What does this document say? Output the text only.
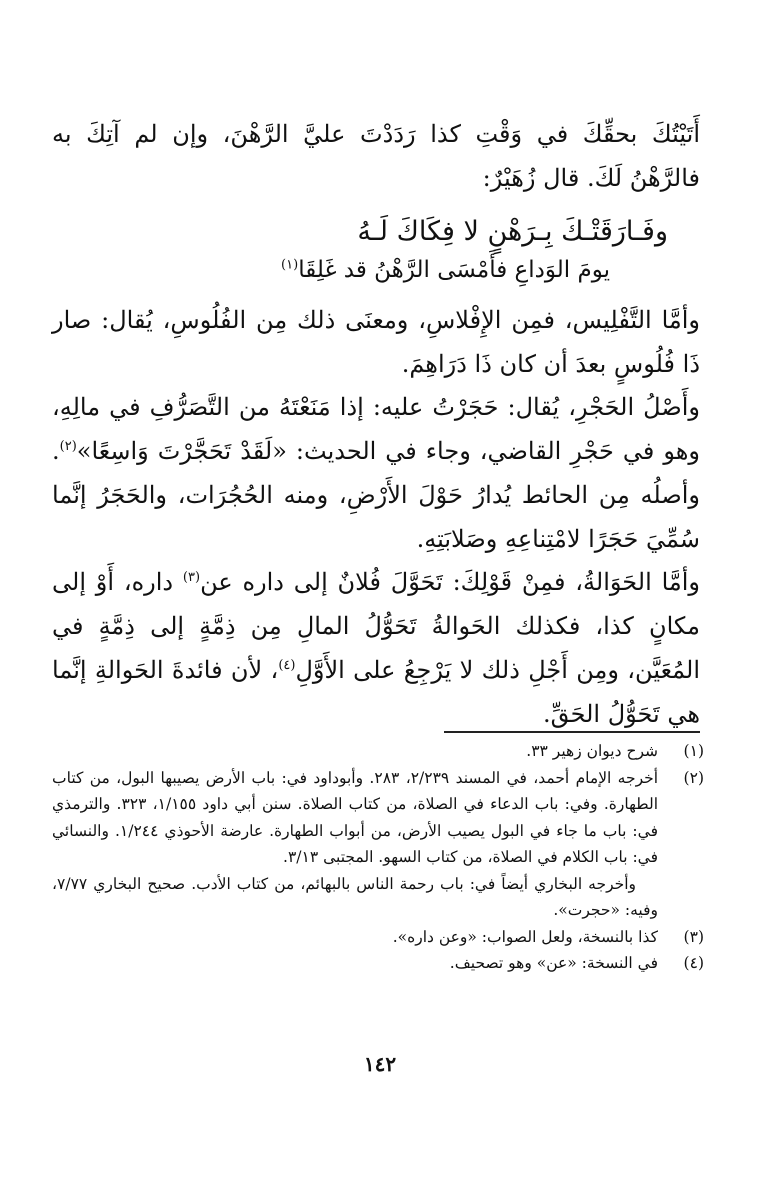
أَتَيْتُكَ بحقِّكَ في وَقْتِ كذا رَدَدْتَ عليَّ الرَّهْنَ، وإن لم آتِكَ به فالرَّهْنُ لَكَ. قال زُهَيْرٌ:
وفَـارَقَتْـكَ بِـرَهْنٍ لا فِكَاكَ لَـهُ
يومَ الوَداعِ فأَمْسَى الرَّهْنُ قد غَلِقَا$^{(١)}$
وأمَّا التَّفْلِيس، فمِن الإِفْلاسِ، ومعنَى ذلك مِن الفُلُوسِ، يُقال: صار ذَا فُلُوسٍ بعدَ أن كان ذَا دَرَاهِمَ.
وأَصْلُ الحَجْرِ، يُقال: حَجَرْتُ عليه: إذا مَنَعْتَهُ من التَّصَرُّفِ في مالِهِ، وهو في حَجْرِ القاضي، وجاء في الحديث: «لَقَدْ تَحَجَّرْتَ وَاسِعًا»$^{(٢)}$. وأصلُه مِن الحائط يُدارُ حَوْلَ الأَرْضِ، ومنه الحُجُرَات، والحَجَرُ إنَّما سُمِّيَ حَجَرًا لامْتِناعِهِ وصَلابَتِهِ.
وأمَّا الحَوَالةُ، فمِنْ قَوْلِكَ: تَحَوَّلَ فُلانٌ إلى داره عن$^{(٣)}$ داره، أَوْ إلى مكانٍ كذا، فكذلك الحَوالةُ تَحَوُّلُ المالِ مِن ذِمَّةٍ إلى ذِمَّةٍ في المُعَيَّن، ومِن أَجْلِ ذلك لا يَرْجِعُ على الأَوَّلِ$^{(٤)}$، لأن فائدةَ الحَوالةِ إنَّما هي تَحَوُّلُ الحَقِّ.
(١)

شرح ديوان زهير ٣٣.

(٢)

أخرجه الإمام أحمد، في المسند ٢/٢٣٩، ٢٨٣. وأبوداود في: باب الأرض يصيبها البول، من كتاب الطهارة. وفي: باب الدعاء في الصلاة، من كتاب الصلاة. سنن أبي داود ١/١٥٥، ٣٢٣. والترمذي في: باب ما جاء في البول يصيب الأرض، من أبواب الطهارة. عارضة الأحوذي ١/٢٤٤. والنسائي في: باب الكلام في الصلاة، من كتاب السهو. المجتبى ٣/١٣.

وأخرجه البخاري أيضاً في: باب رحمة الناس بالبهائم، من كتاب الأدب. صحيح البخاري ٧/٧٧، وفيه: «حجرت».

(٣)

كذا بالنسخة، ولعل الصواب: «وعن داره».

(٤)

في النسخة: «عن» وهو تصحيف.

١٤٢
